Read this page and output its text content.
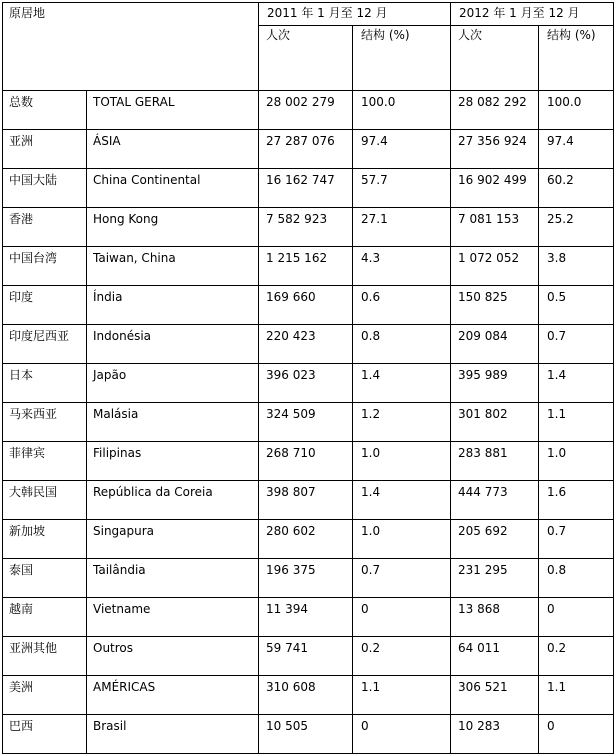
原居地		2011 年 1 月至 12 月		2012 年 1 月至 12 月	
		人次	结构 (%)	人次	结构 (%)
总数	TOTAL GERAL	28 002 279	100.0	28 082 292	100.0
亚洲	ÁSIA	27 287 076	97.4	27 356 924	97.4
中国大陆	China Continental	16 162 747	57.7	16 902 499	60.2
香港	Hong Kong	7 582 923	27.1	7 081 153	25.2
中国台湾	Taiwan, China	1 215 162	4.3	1 072 052	3.8
印度	Índia	169 660	0.6	150 825	0.5
印度尼西亚	Indonésia	220 423	0.8	209 084	0.7
日本	Japão	396 023	1.4	395 989	1.4
马来西亚	Malásia	324 509	1.2	301 802	1.1
菲律宾	Filipinas	268 710	1.0	283 881	1.0
大韩民国	República da Coreia	398 807	1.4	444 773	1.6
新加坡	Singapura	280 602	1.0	205 692	0.7
泰国	Tailândia	196 375	0.7	231 295	0.8
越南	Vietname	11 394	0	13 868	0
亚洲其他	Outros	59 741	0.2	64 011	0.2
美洲	AMÉRICAS	310 608	1.1	306 521	1.1
巴西	Brasil	10 505	0	10 283	0
